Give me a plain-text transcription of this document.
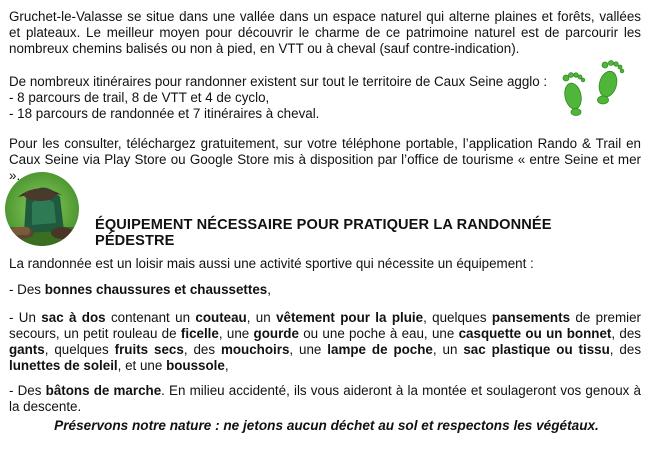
Gruchet-le-Valasse se situe dans une vallée dans un espace naturel qui alterne plaines et forêts, vallées et plateaux. Le meilleur moyen pour découvrir le charme de ce patrimoine naturel est de parcourir les nombreux chemins balisés ou non à pied, en VTT ou à cheval (sauf contre-indication).

De nombreux itinéraires pour randonner existent sur tout le territoire de Caux Seine agglo :
- 8 parcours de trail, 8 de VTT et 4 de cyclo,
- 18 parcours de randonnée et 7 itinéraires à cheval.

Pour les consulter, téléchargez gratuitement, sur votre téléphone portable, l’application Rando & Trail en Caux Seine via Play Store ou Google Store mis à disposition par l’office de tourisme « entre Seine et mer ».

ÉQUIPEMENT NÉCESSAIRE POUR PRATIQUER LA RANDONNÉE PÉDESTRE

La randonnée est un loisir mais aussi une activité sportive qui nécessite un équipement :

- Des bonnes chaussures et chaussettes,

- Un sac à dos contenant un couteau, un vêtement pour la pluie, quelques pansements de premier secours, un petit rouleau de ficelle, une gourde ou une poche à eau, une casquette ou un bonnet, des gants, quelques fruits secs, des mouchoirs, une lampe de poche, un sac plastique ou tissu, des lunettes de soleil, et une boussole,

- Des bâtons de marche. En milieu accidenté, ils vous aideront à la montée et soulageront vos genoux à la descente.

Préservons notre nature : ne jetons aucun déchet au sol et respectons les végétaux.
